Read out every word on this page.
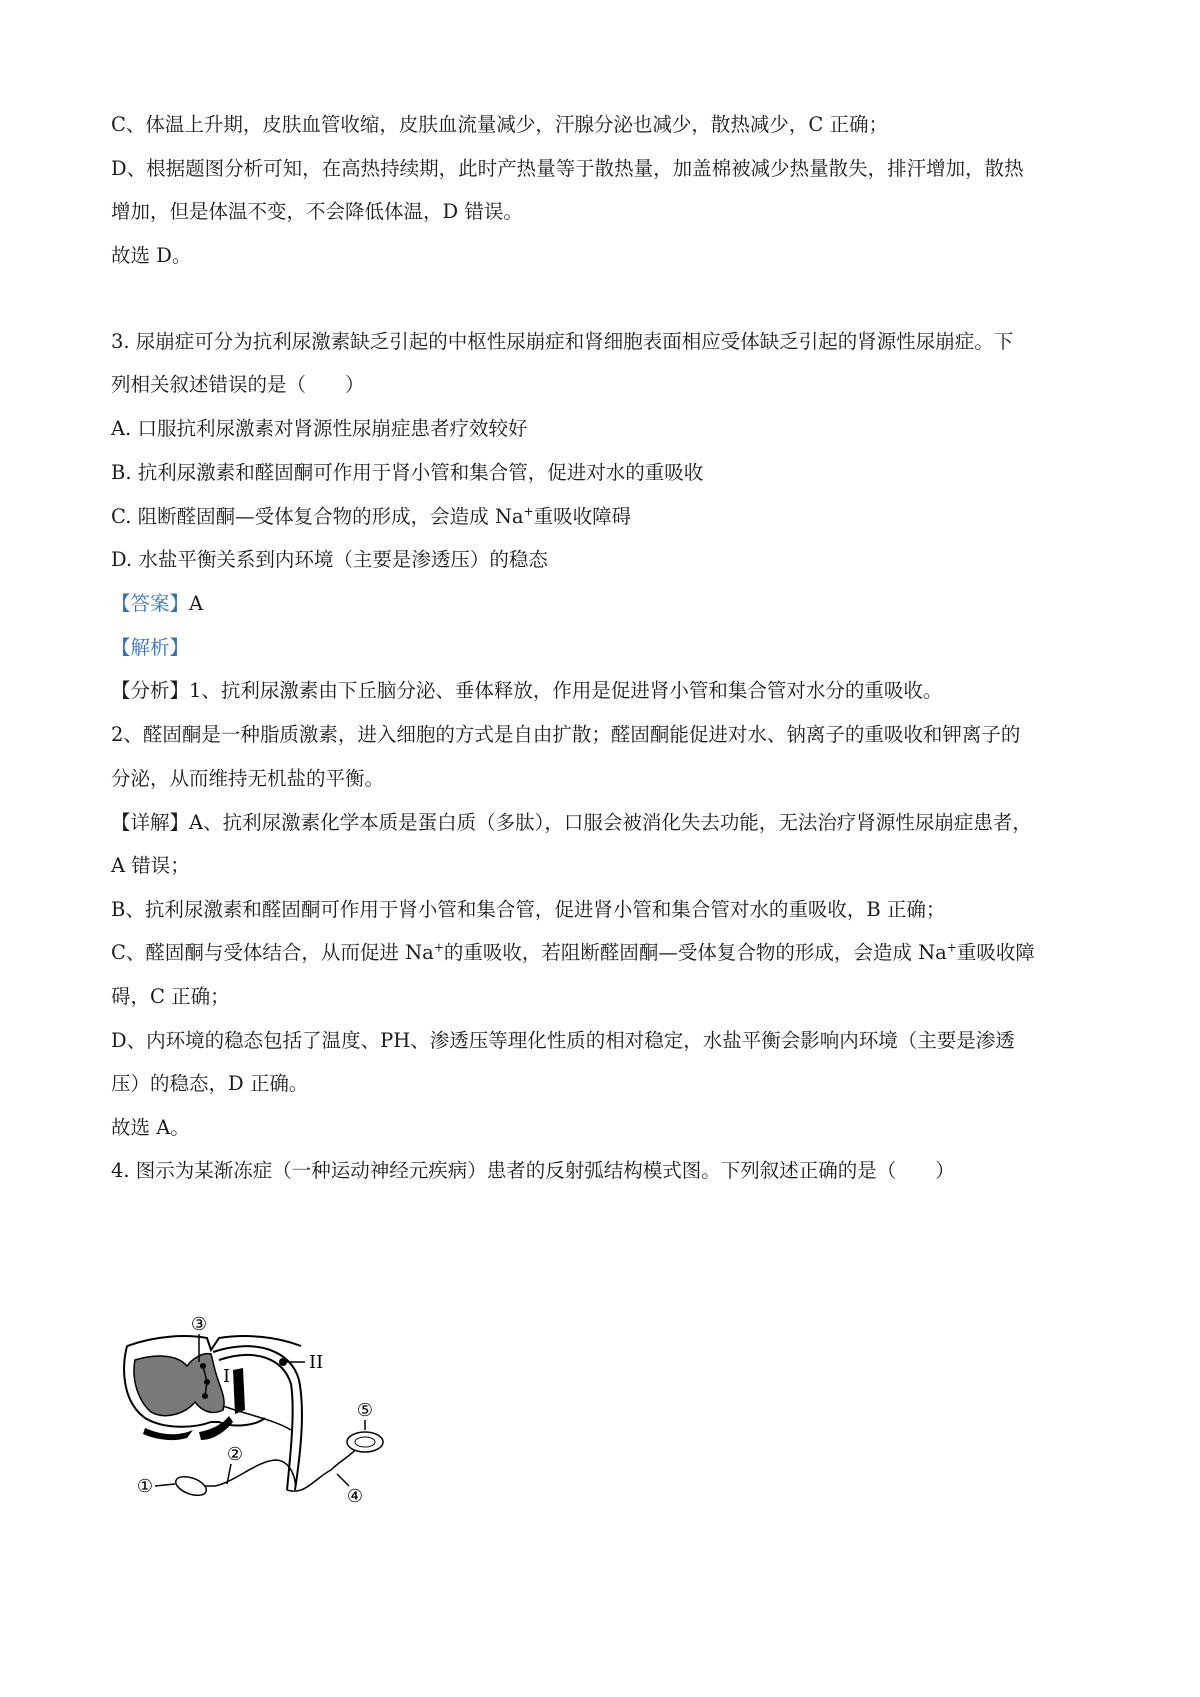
C、体温上升期，皮肤血管收缩，皮肤血流量减少，汗腺分泌也减少，散热减少，C 正确；
D、根据题图分析可知，在高热持续期，此时产热量等于散热量，加盖棉被减少热量散失，排汗增加，散热
增加，但是体温不变，不会降低体温，D 错误。
故选 D。
3. 尿崩症可分为抗利尿激素缺乏引起的中枢性尿崩症和肾细胞表面相应受体缺乏引起的肾源性尿崩症。下
列相关叙述错误的是（　　）
A. 口服抗利尿激素对肾源性尿崩症患者疗效较好
B. 抗利尿激素和醛固酮可作用于肾小管和集合管，促进对水的重吸收
C. 阻断醛固酮—受体复合物的形成，会造成 Na+重吸收障碍
D. 水盐平衡关系到内环境（主要是渗透压）的稳态
【答案】A
【解析】
【分析】1、抗利尿激素由下丘脑分泌、垂体释放，作用是促进肾小管和集合管对水分的重吸收。
2、醛固酮是一种脂质激素，进入细胞的方式是自由扩散；醛固酮能促进对水、钠离子的重吸收和钾离子的
分泌，从而维持无机盐的平衡。
【详解】A、抗利尿激素化学本质是蛋白质（多肽），口服会被消化失去功能，无法治疗肾源性尿崩症患者，
A 错误；
B、抗利尿激素和醛固酮可作用于肾小管和集合管，促进肾小管和集合管对水的重吸收，B 正确；
C、醛固酮与受体结合，从而促进 Na+的重吸收，若阻断醛固酮—受体复合物的形成，会造成 Na+重吸收障
碍，C 正确；
D、内环境的稳态包括了温度、PH、渗透压等理化性质的相对稳定，水盐平衡会影响内环境（主要是渗透
压）的稳态，D 正确。
故选 A。
4. 图示为某渐冻症（一种运动神经元疾病）患者的反射弧结构模式图。下列叙述正确的是（　　）
③
I
II
⑤
②
①	④
